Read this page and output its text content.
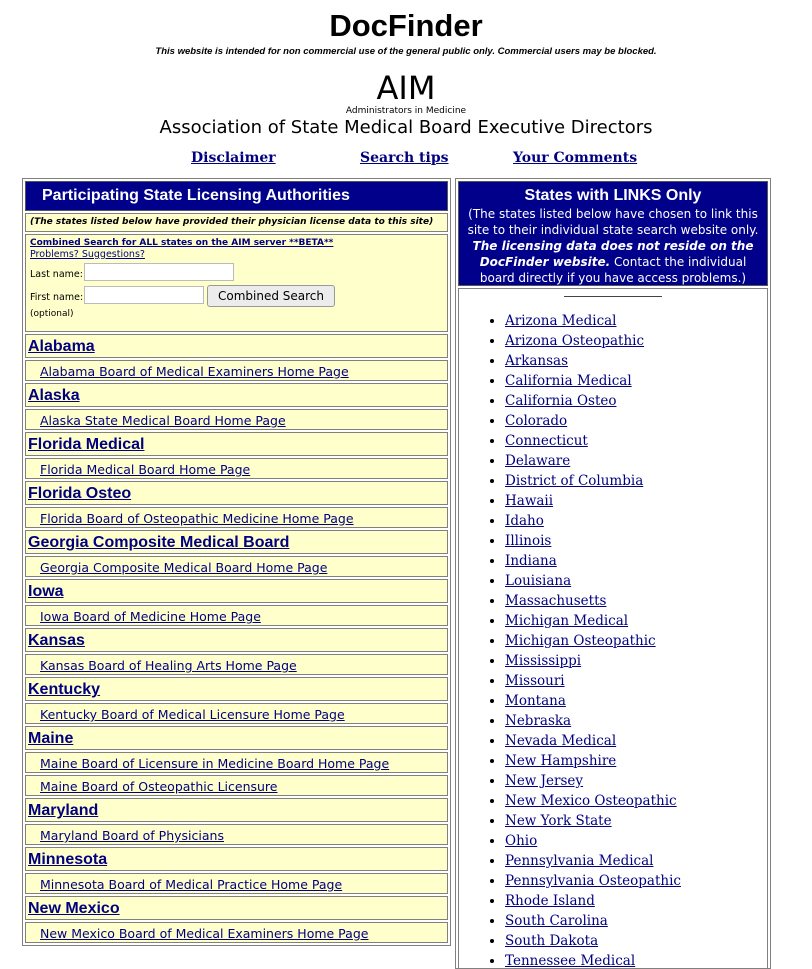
DocFinder
This website is intended for non commercial use of the general public only. Commercial users may be blocked.
AIM
Administrators in Medicine
Association of State Medical Board Executive Directors
Disclaimer	Search tips	Your Comments
Participating State Licensing Authorities
(The states listed below have provided their physician license data to this site)
Combined Search for ALL states on the AIM server **BETA**
Problems? Suggestions?
Last name:
First name:	Combined Search
(optional)
Alabama
Alabama Board of Medical Examiners Home Page
Alaska
Alaska State Medical Board Home Page
Florida Medical
Florida Medical Board Home Page
Florida Osteo
Florida Board of Osteopathic Medicine Home Page
Georgia Composite Medical Board
Georgia Composite Medical Board Home Page
Iowa
Iowa Board of Medicine Home Page
Kansas
Kansas Board of Healing Arts Home Page
Kentucky
Kentucky Board of Medical Licensure Home Page
Maine
Maine Board of Licensure in Medicine Board Home Page
Maine Board of Osteopathic Licensure
Maryland
Maryland Board of Physicians
Minnesota
Minnesota Board of Medical Practice Home Page
New Mexico
New Mexico Board of Medical Examiners Home Page
States with LINKS Only
(The states listed below have chosen to link this site to their individual state search website only. The licensing data does not reside on the DocFinder website. Contact the individual board directly if you have access problems.)
• Arizona Medical
• Arizona Osteopathic
• Arkansas
• California Medical
• California Osteo
• Colorado
• Connecticut
• Delaware
• District of Columbia
• Hawaii
• Idaho
• Illinois
• Indiana
• Louisiana
• Massachusetts
• Michigan Medical
• Michigan Osteopathic
• Mississippi
• Missouri
• Montana
• Nebraska
• Nevada Medical
• New Hampshire
• New Jersey
• New Mexico Osteopathic
• New York State
• Ohio
• Pennsylvania Medical
• Pennsylvania Osteopathic
• Rhode Island
• South Carolina
• South Dakota
• Tennessee Medical
